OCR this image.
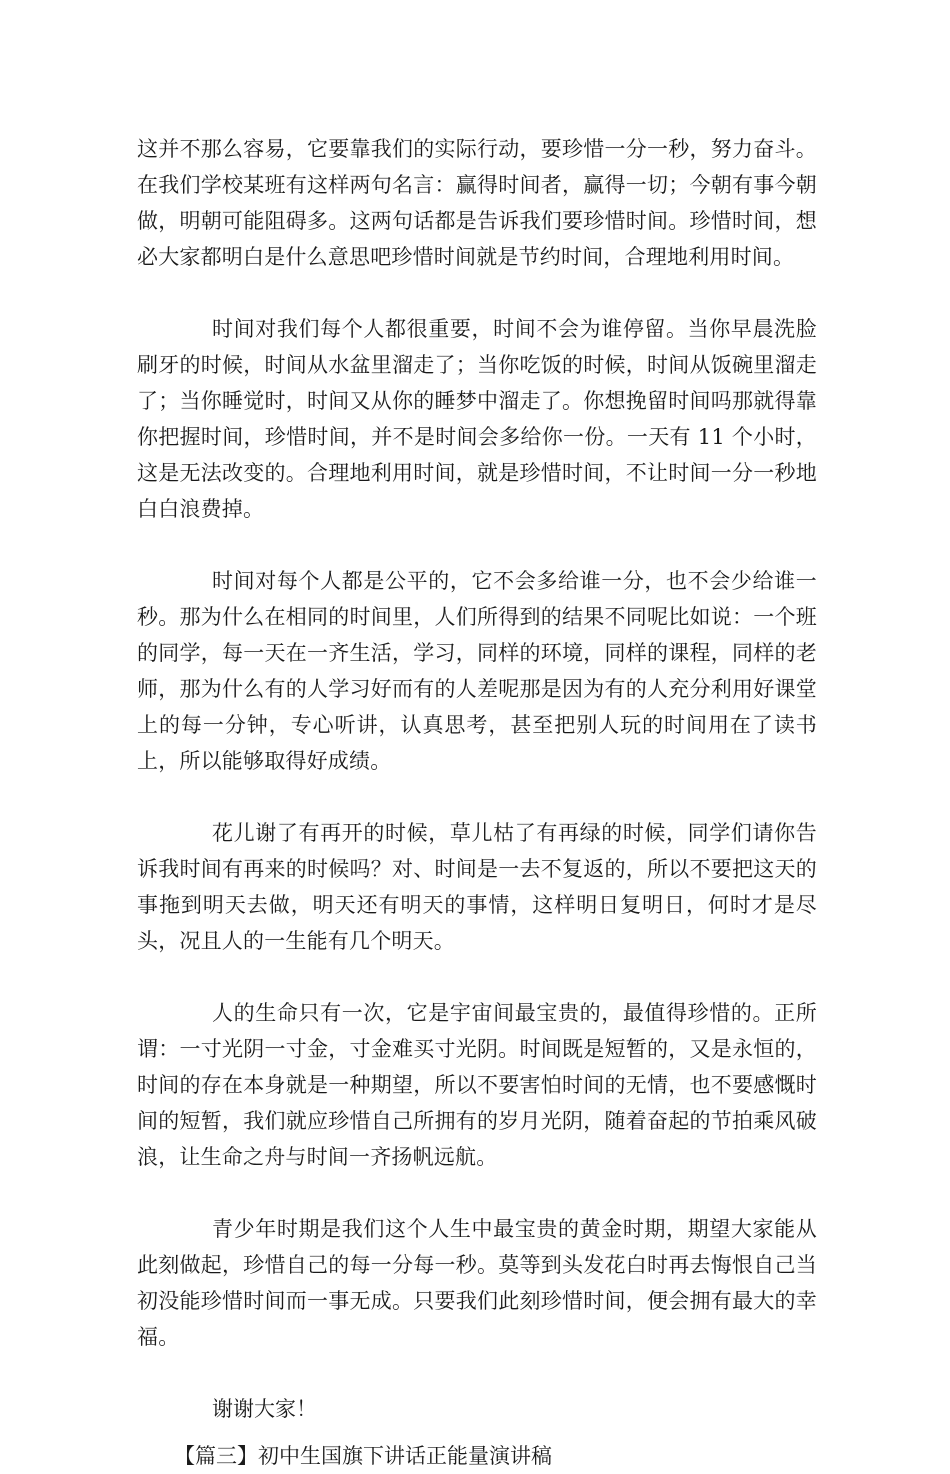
这并不那么容易，它要靠我们的实际行动，要珍惜一分一秒，努力奋斗。在我们学校某班有这样两句名言：赢得时间者，赢得一切；今朝有事今朝做，明朝可能阻碍多。这两句话都是告诉我们要珍惜时间。珍惜时间，想必大家都明白是什么意思吧珍惜时间就是节约时间，合理地利用时间。

时间对我们每个人都很重要，时间不会为谁停留。当你早晨洗脸刷牙的时候，时间从水盆里溜走了；当你吃饭的时候，时间从饭碗里溜走了；当你睡觉时，时间又从你的睡梦中溜走了。你想挽留时间吗那就得靠你把握时间，珍惜时间，并不是时间会多给你一份。一天有 11 个小时，这是无法改变的。合理地利用时间，就是珍惜时间，不让时间一分一秒地白白浪费掉。

时间对每个人都是公平的，它不会多给谁一分，也不会少给谁一秒。那为什么在相同的时间里，人们所得到的结果不同呢比如说：一个班的同学，每一天在一齐生活，学习，同样的环境，同样的课程，同样的老师，那为什么有的人学习好而有的人差呢那是因为有的人充分利用好课堂上的每一分钟，专心听讲，认真思考，甚至把别人玩的时间用在了读书上，所以能够取得好成绩。

花儿谢了有再开的时候，草儿枯了有再绿的时候，同学们请你告诉我时间有再来的时候吗？对、时间是一去不复返的，所以不要把这天的事拖到明天去做，明天还有明天的事情，这样明日复明日，何时才是尽头，况且人的一生能有几个明天。

人的生命只有一次，它是宇宙间最宝贵的，最值得珍惜的。正所谓：一寸光阴一寸金，寸金难买寸光阴。时间既是短暂的，又是永恒的，时间的存在本身就是一种期望，所以不要害怕时间的无情，也不要感慨时间的短暂，我们就应珍惜自己所拥有的岁月光阴，随着奋起的节拍乘风破浪，让生命之舟与时间一齐扬帆远航。

青少年时期是我们这个人生中最宝贵的黄金时期，期望大家能从此刻做起，珍惜自己的每一分每一秒。莫等到头发花白时再去悔恨自己当初没能珍惜时间而一事无成。只要我们此刻珍惜时间，便会拥有最大的幸福。

谢谢大家！

【篇三】初中生国旗下讲话正能量演讲稿
